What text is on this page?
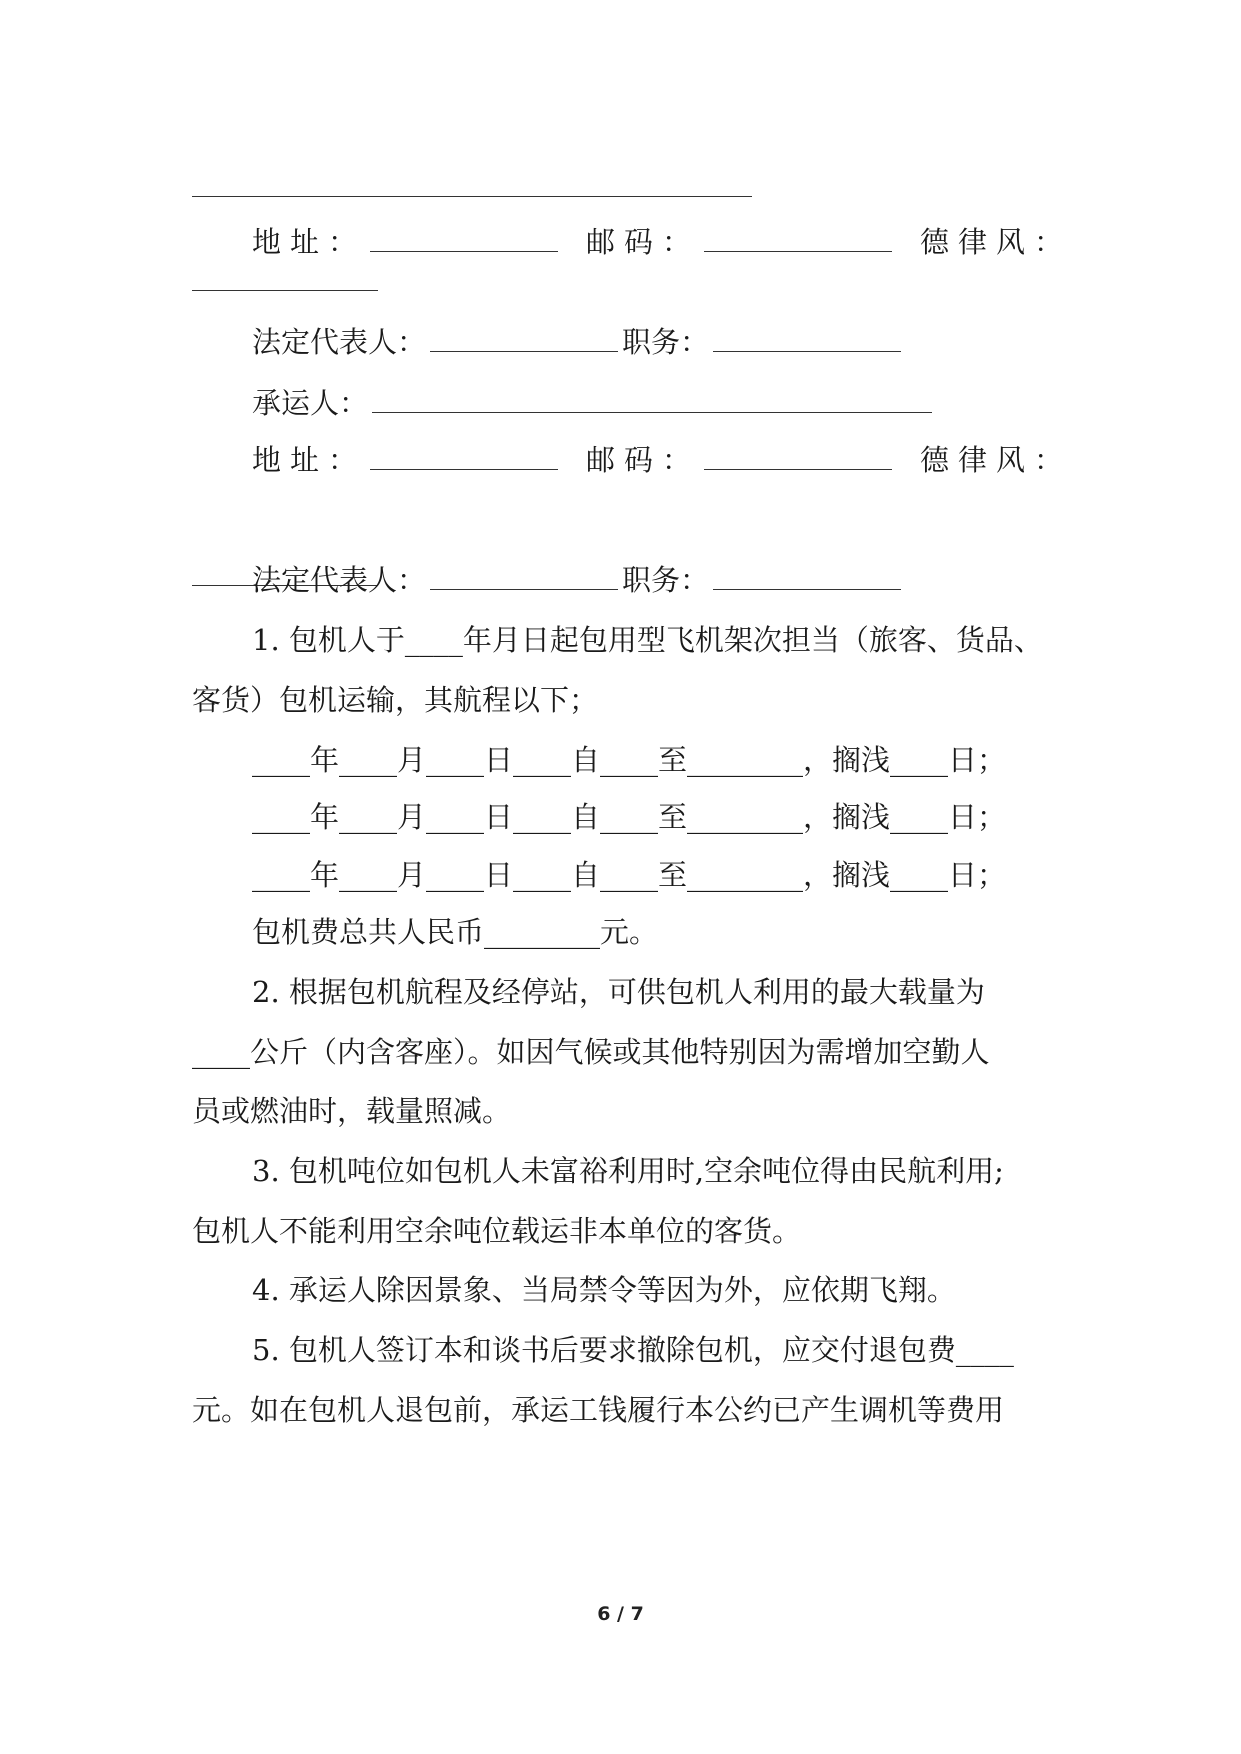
地址：	邮码：	德律风：
法定代表人：	职务：
承运人：
地址：	邮码：	德律风：
法定代表人：	职务：
1. 包机人于____年月日起包用型飞机架次担当（旅客、货品、
客货）包机运输，其航程以下；
____年____月____日____自____至________，搁浅____日；
____年____月____日____自____至________，搁浅____日；
____年____月____日____自____至________，搁浅____日；
包机费总共人民币________元。
2. 根据包机航程及经停站，可供包机人利用的最大载量为
____公斤（内含客座）。如因气候或其他特别因为需增加空勤人
员或燃油时，载量照减。
3. 包机吨位如包机人未富裕利用时,空余吨位得由民航利用;
包机人不能利用空余吨位载运非本单位的客货。
4. 承运人除因景象、当局禁令等因为外，应依期飞翔。
5. 包机人签订本和谈书后要求撤除包机，应交付退包费____
元。如在包机人退包前，承运工钱履行本公约已产生调机等费用
6 / 7
